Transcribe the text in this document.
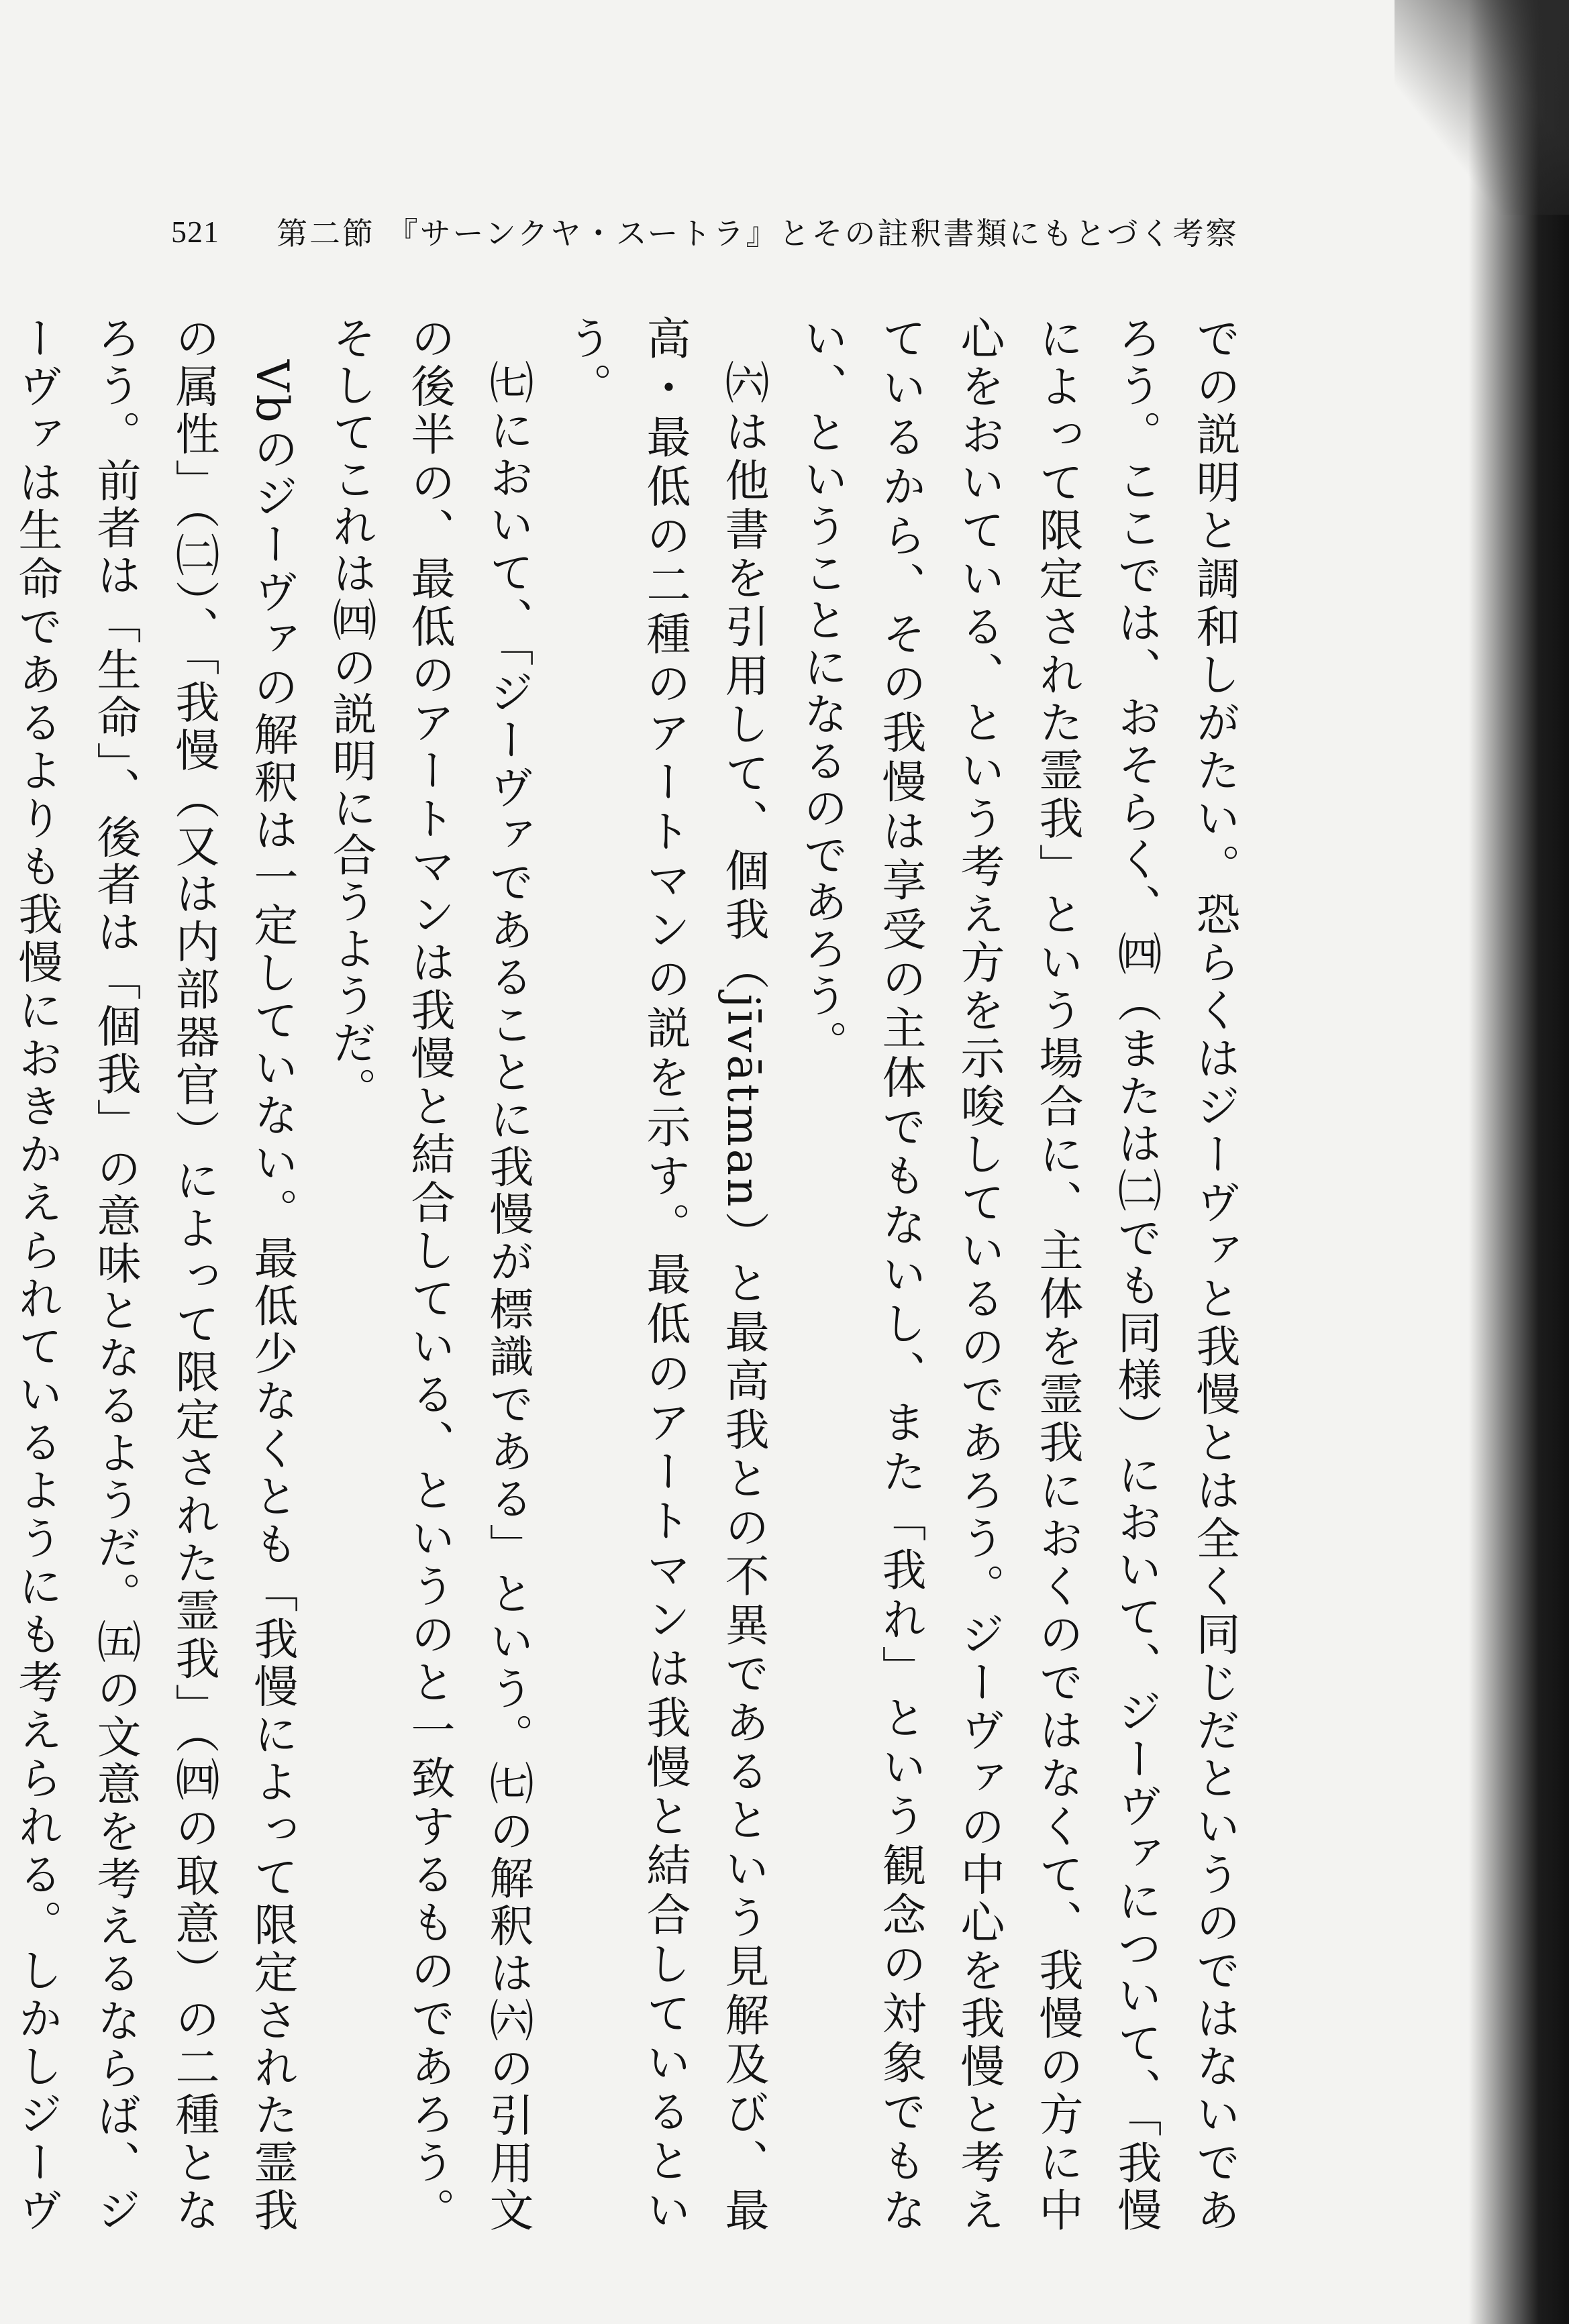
521 第二節 『サーンクヤ・スートラ』とその註釈書類にもとづく考察

での説明と調和しがたい。恐らくはジーヴァと我慢とは全く同じだというのではないであろう。ここでは、おそらく、㈣（または㈡でも同様）において、ジーヴァについて、「我慢によって限定された霊我」という場合に、主体を霊我におくのではなくて、我慢の方に中心をおいている、という考え方を示唆しているのであろう。ジーヴァの中心を我慢と考えているから、その我慢は享受の主体でもないし、また「我れ」という観念の対象でもない、ということになるのであろう。

㈥は他書を引用して、個我（jīvātman）と最高我との不異であるという見解及び、最高・最低の二種のアートマンの説を示す。最低のアートマンは我慢と結合しているという。

㈦において、「ジーヴァであることに我慢が標識である」という。㈦の解釈は㈥の引用文の後半の、最低のアートマンは我慢と結合している、というのと一致するものであろう。そしてこれは㈣の説明に合うようだ。

Vbのジーヴァの解釈は一定していない。最低少なくとも「我慢によって限定された霊我の属性」（㈡）、「我慢（又は内部器官）によって限定された霊我」（㈣の取意）の二種となろう。前者は「生命」、後者は「個我」の意味となるようだ。㈤の文意を考えるならば、ジーヴァは生命であるよりも我慢におきかえられているようにも考えられる。しかしジーヴ
